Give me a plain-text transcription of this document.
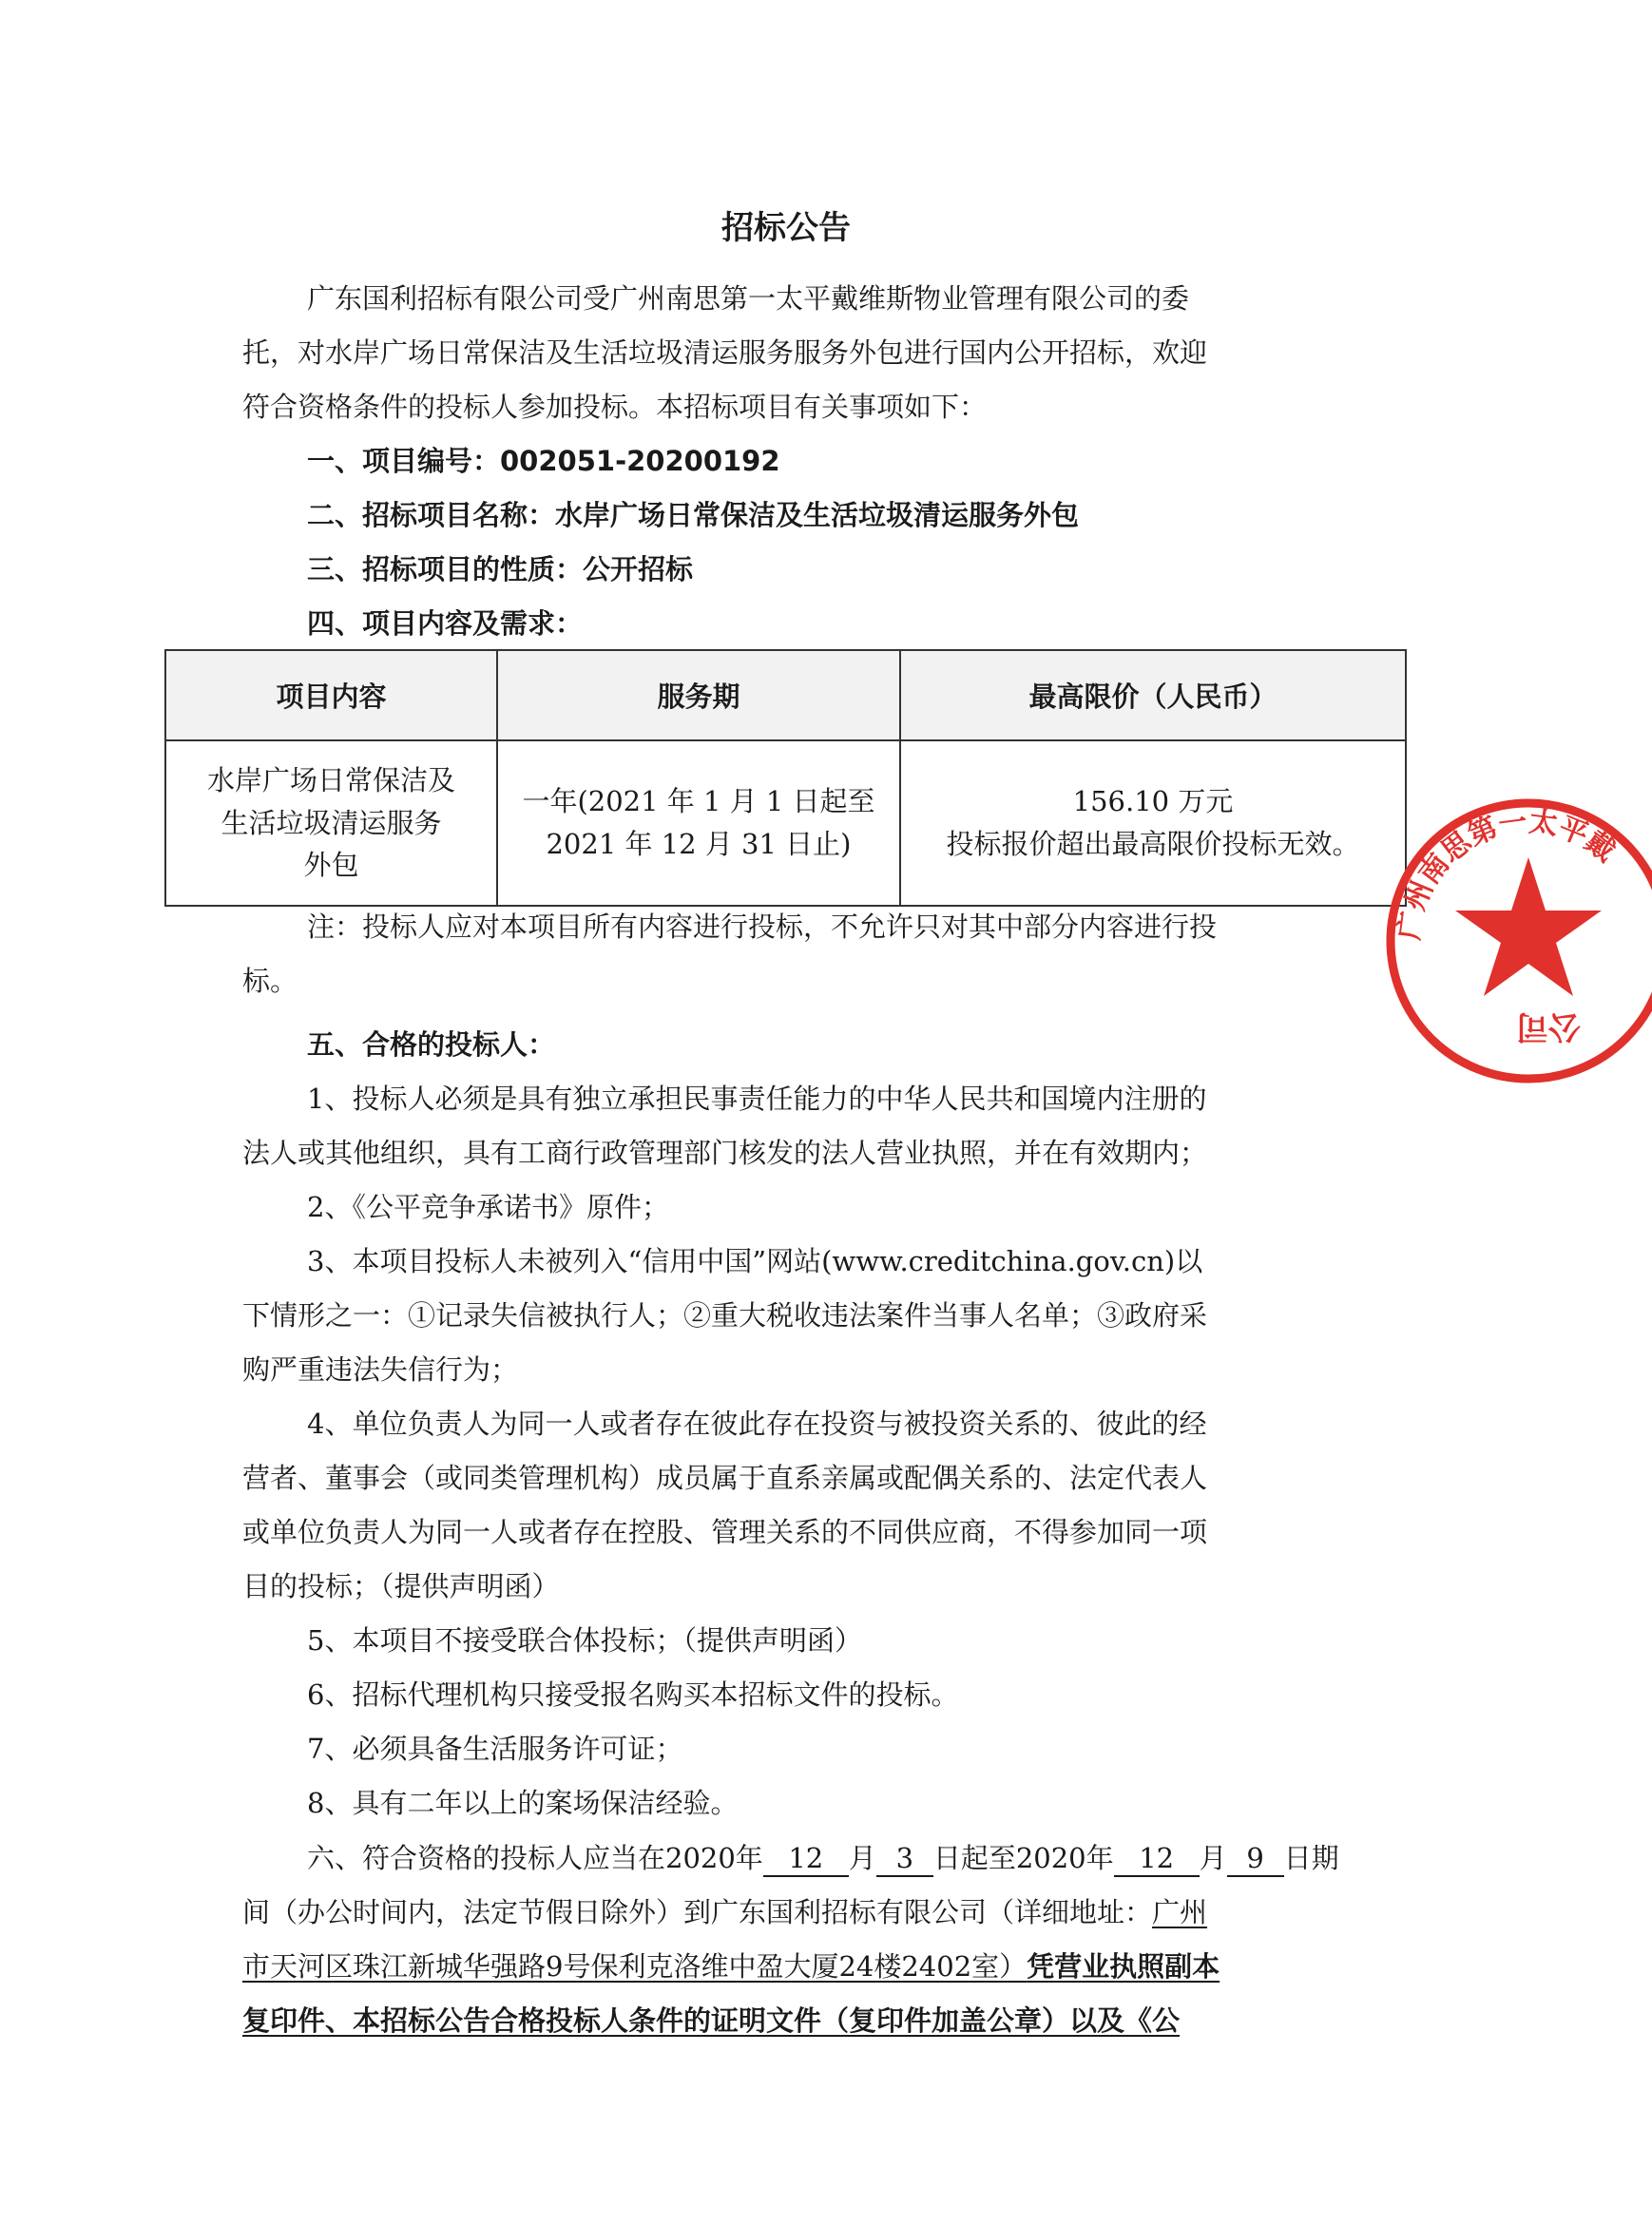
招标公告

广东国利招标有限公司受广州南思第一太平戴维斯物业管理有限公司的委

托，对水岸广场日常保洁及生活垃圾清运服务服务外包进行国内公开招标，欢迎

符合资格条件的投标人参加投标。本招标项目有关事项如下：

一、项目编号：002051-20200192

二、招标项目名称：水岸广场日常保洁及生活垃圾清运服务外包

三、招标项目的性质：公开招标

四、项目内容及需求：

项目内容	服务期	最高限价（人民币）
水岸广场日常保洁及
生活垃圾清运服务
外包	一年(2021 年 1 月 1 日起至
2021 年 12 月 31 日止)	156.10 万元
投标报价超出最高限价投标无效。

注：投标人应对本项目所有内容进行投标，不允许只对其中部分内容进行投

标。

五、合格的投标人：

1、投标人必须是具有独立承担民事责任能力的中华人民共和国境内注册的

法人或其他组织，具有工商行政管理部门核发的法人营业执照，并在有效期内；

2、《公平竞争承诺书》原件；

3、本项目投标人未被列入“信用中国”网站(www.creditchina.gov.cn)以

下情形之一：①记录失信被执行人；②重大税收违法案件当事人名单；③政府采

购严重违法失信行为；

4、单位负责人为同一人或者存在彼此存在投资与被投资关系的、彼此的经

营者、董事会（或同类管理机构）成员属于直系亲属或配偶关系的、法定代表人

或单位负责人为同一人或者存在控股、管理关系的不同供应商，不得参加同一项

目的投标；（提供声明函）

5、本项目不接受联合体投标；（提供声明函）

6、招标代理机构只接受报名购买本招标文件的投标。

7、必须具备生活服务许可证；

8、具有二年以上的案场保洁经验。

六、符合资格的投标人应当在2020年 12 月 3 日起至2020年 12 月 9 日期

间（办公时间内，法定节假日除外）到广东国利招标有限公司（详细地址：广州

市天河区珠江新城华强路9号保利克洛维中盈大厦24楼2402室）凭营业执照副本

复印件、本招标公告合格投标人条件的证明文件（复印件加盖公章）以及《公

广州南思第一太平戴
公司
